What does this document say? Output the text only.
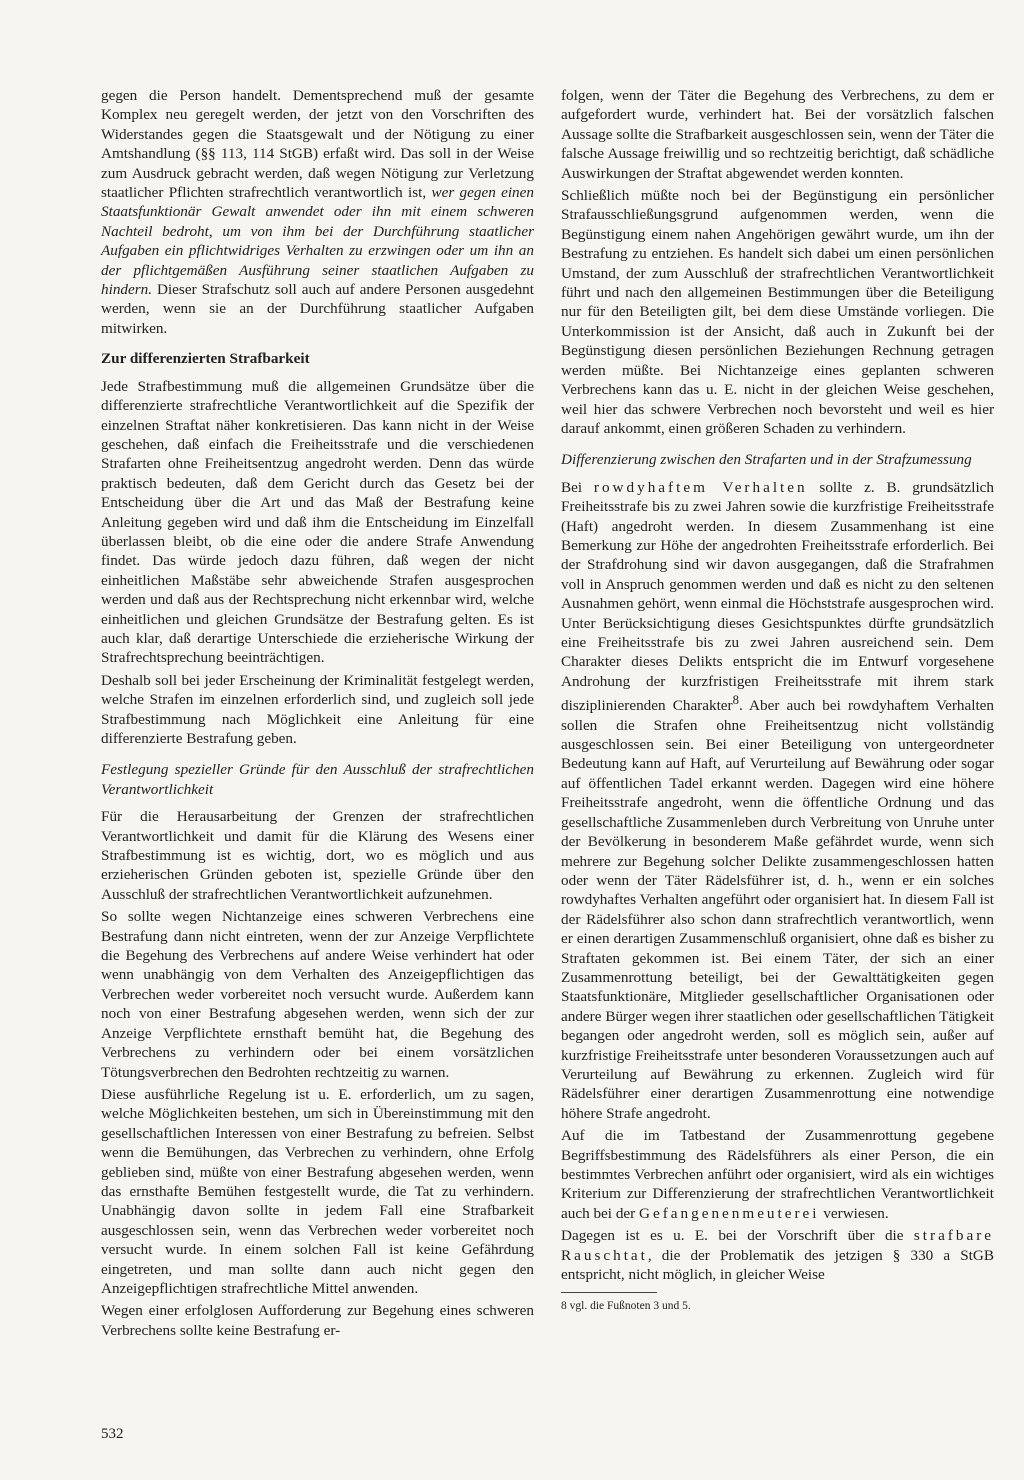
gegen die Person handelt. Dementsprechend muß der gesamte Komplex neu geregelt werden, der jetzt von den Vorschriften des Widerstandes gegen die Staatsgewalt und der Nötigung zu einer Amtshandlung (§§ 113, 114 StGB) erfaßt wird. Das soll in der Weise zum Ausdruck gebracht werden, daß wegen Nötigung zur Verletzung staatlicher Pflichten strafrechtlich verantwortlich ist, wer gegen einen Staatsfunktionär Gewalt anwendet oder ihn mit einem schweren Nachteil bedroht, um von ihm bei der Durchführung staatlicher Aufgaben ein pflichtwidriges Verhalten zu erzwingen oder um ihn an der pflichtgemäßen Ausführung seiner staatlichen Aufgaben zu hindern. Dieser Strafschutz soll auch auf andere Personen ausgedehnt werden, wenn sie an der Durchführung staatlicher Aufgaben mitwirken.

Zur differenzierten Strafbarkeit

Jede Strafbestimmung muß die allgemeinen Grundsätze über die differenzierte strafrechtliche Verantwortlichkeit auf die Spezifik der einzelnen Straftat näher konkretisieren. Das kann nicht in der Weise geschehen, daß einfach die Freiheitsstrafe und die verschiedenen Strafarten ohne Freiheitsentzug angedroht werden. Denn das würde praktisch bedeuten, daß dem Gericht durch das Gesetz bei der Entscheidung über die Art und das Maß der Bestrafung keine Anleitung gegeben wird und daß ihm die Entscheidung im Einzelfall überlassen bleibt, ob die eine oder die andere Strafe Anwendung findet. Das würde jedoch dazu führen, daß wegen der nicht einheitlichen Maßstäbe sehr abweichende Strafen ausgesprochen werden und daß aus der Rechtsprechung nicht erkennbar wird, welche einheitlichen und gleichen Grundsätze der Bestrafung gelten. Es ist auch klar, daß derartige Unterschiede die erzieherische Wirkung der Strafrechtsprechung beeinträchtigen.

Deshalb soll bei jeder Erscheinung der Kriminalität festgelegt werden, welche Strafen im einzelnen erforderlich sind, und zugleich soll jede Strafbestimmung nach Möglichkeit eine Anleitung für eine differenzierte Bestrafung geben.

Festlegung spezieller Gründe für den Ausschluß der strafrechtlichen Verantwortlichkeit

Für die Herausarbeitung der Grenzen der strafrechtlichen Verantwortlichkeit und damit für die Klärung des Wesens einer Strafbestimmung ist es wichtig, dort, wo es möglich und aus erzieherischen Gründen geboten ist, spezielle Gründe über den Ausschluß der strafrechtlichen Verantwortlichkeit aufzunehmen.

So sollte wegen Nichtanzeige eines schweren Verbrechens eine Bestrafung dann nicht eintreten, wenn der zur Anzeige Verpflichtete die Begehung des Verbrechens auf andere Weise verhindert hat oder wenn unabhängig von dem Verhalten des Anzeigepflichtigen das Verbrechen weder vorbereitet noch versucht wurde. Außerdem kann noch von einer Bestrafung abgesehen werden, wenn sich der zur Anzeige Verpflichtete ernsthaft bemüht hat, die Begehung des Verbrechens zu verhindern oder bei einem vorsätzlichen Tötungsverbrechen den Bedrohten rechtzeitig zu warnen.

Diese ausführliche Regelung ist u. E. erforderlich, um zu sagen, welche Möglichkeiten bestehen, um sich in Übereinstimmung mit den gesellschaftlichen Interessen von einer Bestrafung zu befreien. Selbst wenn die Bemühungen, das Verbrechen zu verhindern, ohne Erfolg geblieben sind, müßte von einer Bestrafung abgesehen werden, wenn das ernsthafte Bemühen festgestellt wurde, die Tat zu verhindern. Unabhängig davon sollte in jedem Fall eine Strafbarkeit ausgeschlossen sein, wenn das Verbrechen weder vorbereitet noch versucht wurde. In einem solchen Fall ist keine Gefährdung eingetreten, und man sollte dann auch nicht gegen den Anzeigepflichtigen strafrechtliche Mittel anwenden.

Wegen einer erfolglosen Aufforderung zur Begehung eines schweren Verbrechens sollte keine Bestrafung er-

folgen, wenn der Täter die Begehung des Verbrechens, zu dem er aufgefordert wurde, verhindert hat. Bei der vorsätzlich falschen Aussage sollte die Strafbarkeit ausgeschlossen sein, wenn der Täter die falsche Aussage freiwillig und so rechtzeitig berichtigt, daß schädliche Auswirkungen der Straftat abgewendet werden konnten.

Schließlich müßte noch bei der Begünstigung ein persönlicher Strafausschließungsgrund aufgenommen werden, wenn die Begünstigung einem nahen Angehörigen gewährt wurde, um ihn der Bestrafung zu entziehen. Es handelt sich dabei um einen persönlichen Umstand, der zum Ausschluß der strafrechtlichen Verantwortlichkeit führt und nach den allgemeinen Bestimmungen über die Beteiligung nur für den Beteiligten gilt, bei dem diese Umstände vorliegen. Die Unterkommission ist der Ansicht, daß auch in Zukunft bei der Begünstigung diesen persönlichen Beziehungen Rechnung getragen werden müßte. Bei Nichtanzeige eines geplanten schweren Verbrechens kann das u. E. nicht in der gleichen Weise geschehen, weil hier das schwere Verbrechen noch bevorsteht und weil es hier darauf ankommt, einen größeren Schaden zu verhindern.

Differenzierung zwischen den Strafarten und in der Strafzumessung

Bei rowdyhaftem Verhalten sollte z. B. grundsätzlich Freiheitsstrafe bis zu zwei Jahren sowie die kurzfristige Freiheitsstrafe (Haft) angedroht werden. In diesem Zusammenhang ist eine Bemerkung zur Höhe der angedrohten Freiheitsstrafe erforderlich. Bei der Strafdrohung sind wir davon ausgegangen, daß die Strafrahmen voll in Anspruch genommen werden und daß es nicht zu den seltenen Ausnahmen gehört, wenn einmal die Höchststrafe ausgesprochen wird. Unter Berücksichtigung dieses Gesichtspunktes dürfte grundsätzlich eine Freiheitsstrafe bis zu zwei Jahren ausreichend sein. Dem Charakter dieses Delikts entspricht die im Entwurf vorgesehene Androhung der kurzfristigen Freiheitsstrafe mit ihrem stark disziplinierenden Charakter$^8$. Aber auch bei rowdyhaftem Verhalten sollen die Strafen ohne Freiheitsentzug nicht vollständig ausgeschlossen sein. Bei einer Beteiligung von untergeordneter Bedeutung kann auf Haft, auf Verurteilung auf Bewährung oder sogar auf öffentlichen Tadel erkannt werden. Dagegen wird eine höhere Freiheitsstrafe angedroht, wenn die öffentliche Ordnung und das gesellschaftliche Zusammenleben durch Verbreitung von Unruhe unter der Bevölkerung in besonderem Maße gefährdet wurde, wenn sich mehrere zur Begehung solcher Delikte zusammengeschlossen hatten oder wenn der Täter Rädelsführer ist, d. h., wenn er ein solches rowdyhaftes Verhalten angeführt oder organisiert hat. In diesem Fall ist der Rädelsführer also schon dann strafrechtlich verantwortlich, wenn er einen derartigen Zusammenschluß organisiert, ohne daß es bisher zu Straftaten gekommen ist. Bei einem Täter, der sich an einer Zusammenrottung beteiligt, bei der Gewalttätigkeiten gegen Staatsfunktionäre, Mitglieder gesellschaftlicher Organisationen oder andere Bürger wegen ihrer staatlichen oder gesellschaftlichen Tätigkeit begangen oder angedroht werden, soll es möglich sein, außer auf kurzfristige Freiheitsstrafe unter besonderen Voraussetzungen auch auf Verurteilung auf Bewährung zu erkennen. Zugleich wird für Rädelsführer einer derartigen Zusammenrottung eine notwendige höhere Strafe angedroht.

Auf die im Tatbestand der Zusammenrottung gegebene Begriffsbestimmung des Rädelsführers als einer Person, die ein bestimmtes Verbrechen anführt oder organisiert, wird als ein wichtiges Kriterium zur Differenzierung der strafrechtlichen Verantwortlichkeit auch bei der Gefangenenmeuterei verwiesen.

Dagegen ist es u. E. bei der Vorschrift über die strafbare Rauschtat, die der Problematik des jetzigen § 330 a StGB entspricht, nicht möglich, in gleicher Weise

8 vgl. die Fußnoten 3 und 5.

532
